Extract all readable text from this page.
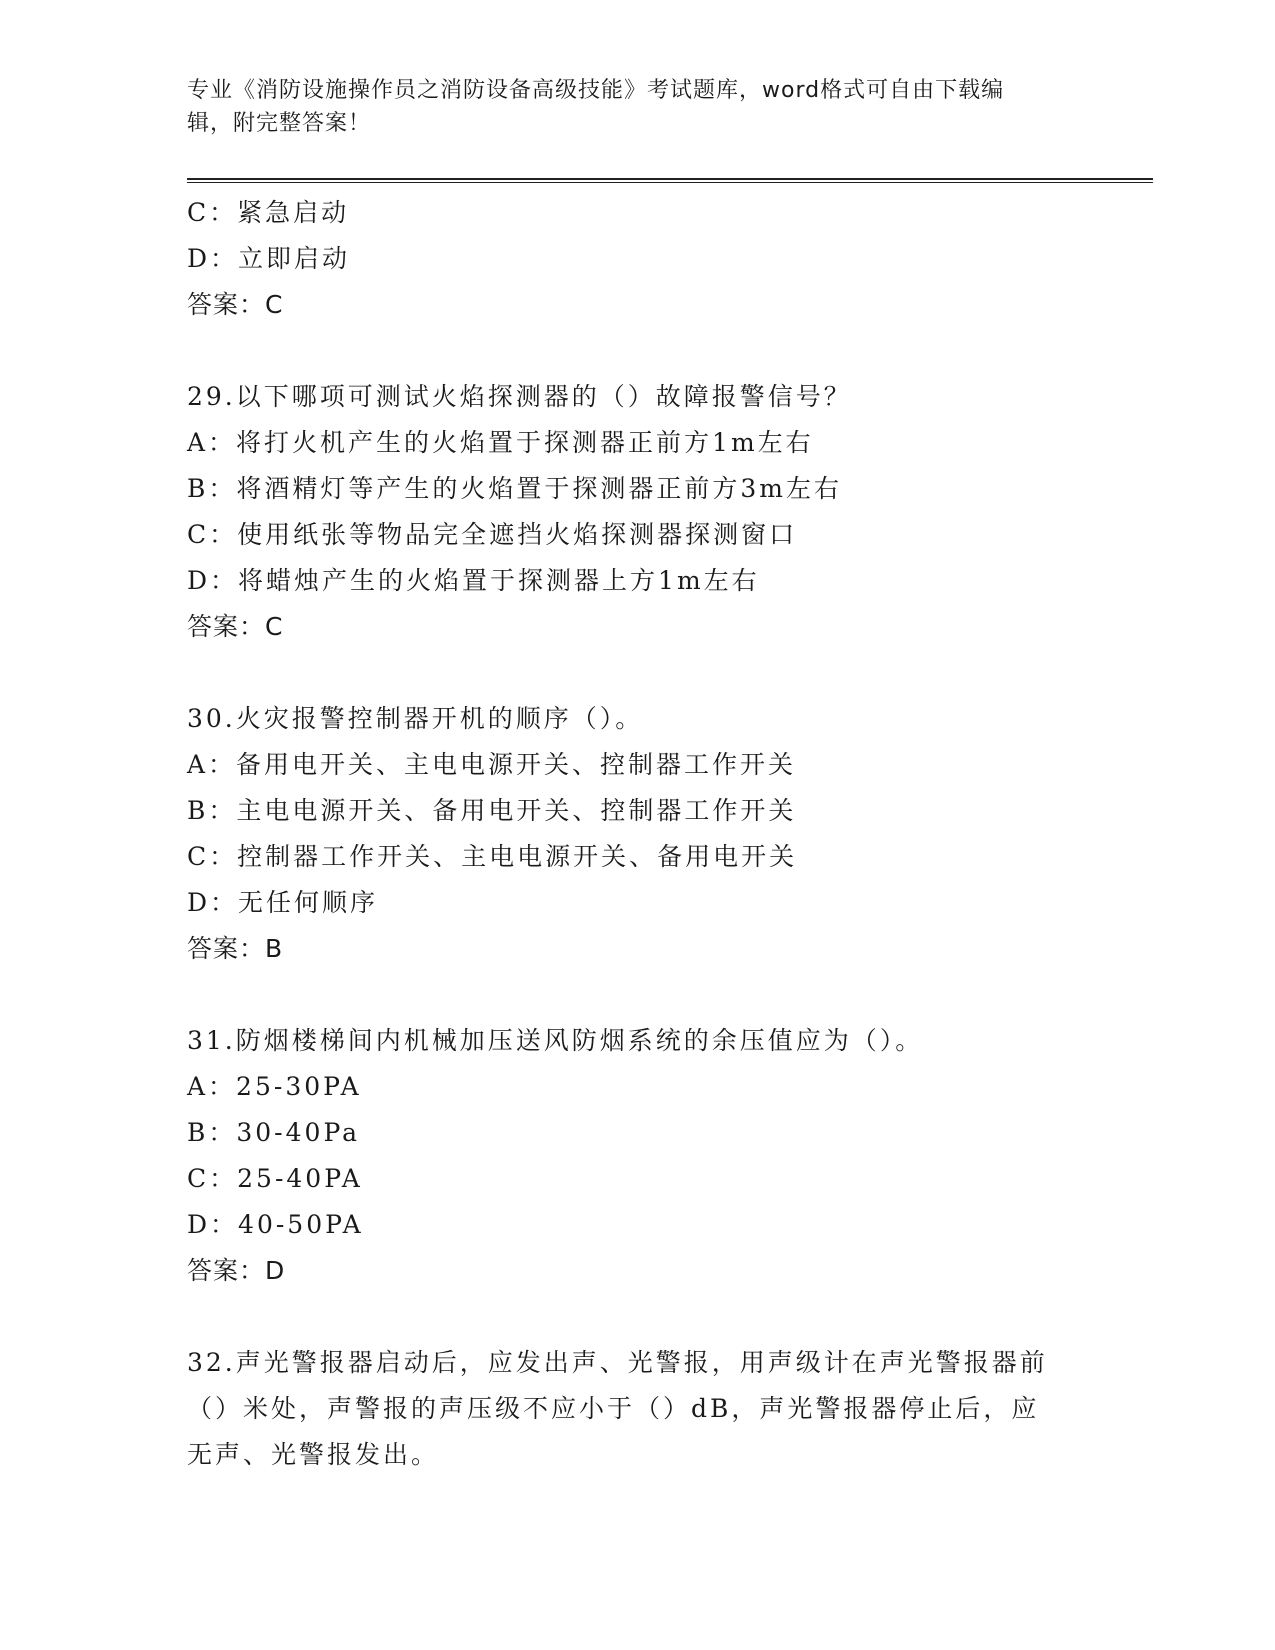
专业《消防设施操作员之消防设备高级技能》考试题库，word格式可自由下载编
辑，附完整答案！
C：紧急启动
D：立即启动
答案：C
29.以下哪项可测试火焰探测器的（）故障报警信号？
A：将打火机产生的火焰置于探测器正前方1m左右
B：将酒精灯等产生的火焰置于探测器正前方3m左右
C：使用纸张等物品完全遮挡火焰探测器探测窗口
D：将蜡烛产生的火焰置于探测器上方1m左右
答案：C
30.火灾报警控制器开机的顺序（）。
A：备用电开关、主电电源开关、控制器工作开关
B：主电电源开关、备用电开关、控制器工作开关
C：控制器工作开关、主电电源开关、备用电开关
D：无任何顺序
答案：B
31.防烟楼梯间内机械加压送风防烟系统的余压值应为（）。
A：25-30PA
B：30-40Pa
C：25-40PA
D：40-50PA
答案：D
32.声光警报器启动后，应发出声、光警报，用声级计在声光警报器前
（）米处，声警报的声压级不应小于（）dB，声光警报器停止后，应
无声、光警报发出。
